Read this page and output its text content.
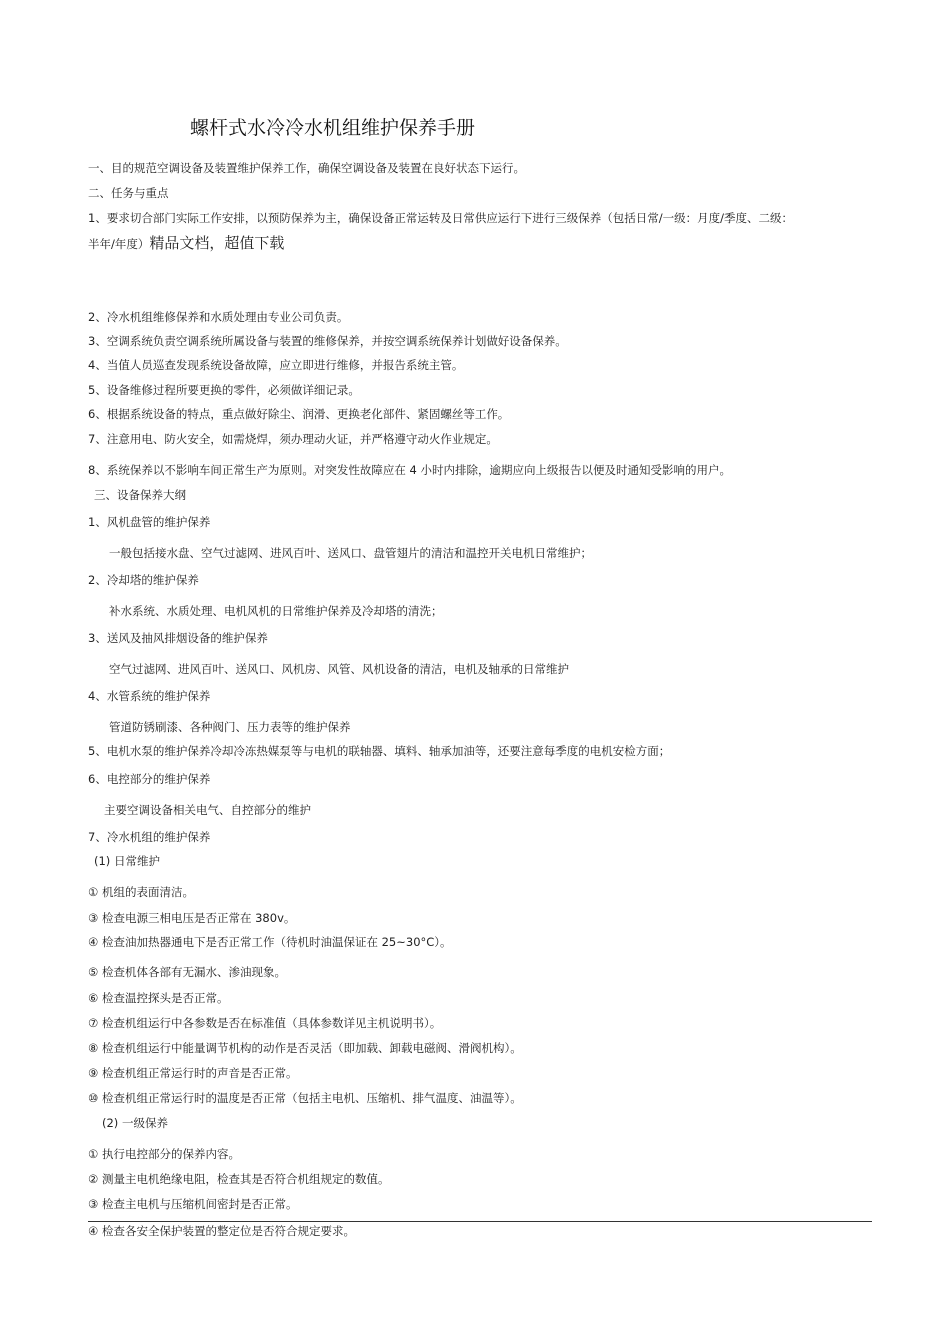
螺杆式水冷冷水机组维护保养手册
一、目的规范空调设备及装置维护保养工作，确保空调设备及装置在良好状态下运行。
二、任务与重点
1、要求切合部门实际工作安排，以预防保养为主，确保设备正常运转及日常供应运行下进行三级保养（包括日常/一级：月度/季度、二级：
半年/年度）精品文档，超值下载
2、冷水机组维修保养和水质处理由专业公司负责。
3、空调系统负责空调系统所属设备与装置的维修保养，并按空调系统保养计划做好设备保养。
4、当值人员巡查发现系统设备故障，应立即进行维修，并报告系统主管。
5、设备维修过程所要更换的零件，必须做详细记录。
6、根据系统设备的特点，重点做好除尘、润滑、更换老化部件、紧固螺丝等工作。
7、注意用电、防火安全，如需烧焊，须办理动火证，并严格遵守动火作业规定。
8、系统保养以不影响车间正常生产为原则。对突发性故障应在 4 小时内排除，逾期应向上级报告以便及时通知受影响的用户。
三、设备保养大纲
1、风机盘管的维护保养
一般包括接水盘、空气过滤网、进风百叶、送风口、盘管翅片的清洁和温控开关电机日常维护；
2、冷却塔的维护保养
补水系统、水质处理、电机风机的日常维护保养及冷却塔的清洗；
3、送风及抽风排烟设备的维护保养
空气过滤网、进风百叶、送风口、风机房、风管、风机设备的清洁，电机及轴承的日常维护
4、水管系统的维护保养
管道防锈刷漆、各种阀门、压力表等的维护保养
5、电机水泵的维护保养冷却冷冻热媒泵等与电机的联轴器、填料、轴承加油等，还要注意每季度的电机安检方面；
6、电控部分的维护保养
主要空调设备相关电气、自控部分的维护
7、冷水机组的维护保养
(1) 日常维护
① 机组的表面清洁。
③ 检查电源三相电压是否正常在 380v。
④ 检查油加热器通电下是否正常工作（待机时油温保证在 25~30°C）。
⑤ 检查机体各部有无漏水、渗油现象。
⑥ 检查温控探头是否正常。
⑦ 检查机组运行中各参数是否在标准值（具体参数详见主机说明书）。
⑧ 检查机组运行中能量调节机构的动作是否灵活（即加载、卸载电磁阀、滑阀机构）。
⑨ 检查机组正常运行时的声音是否正常。
⑩ 检查机组正常运行时的温度是否正常（包括主电机、压缩机、排气温度、油温等）。
(2) 一级保养
① 执行电控部分的保养内容。
② 测量主电机绝缘电阻，检查其是否符合机组规定的数值。
③ 检查主电机与压缩机间密封是否正常。
④ 检查各安全保护装置的整定位是否符合规定要求。
